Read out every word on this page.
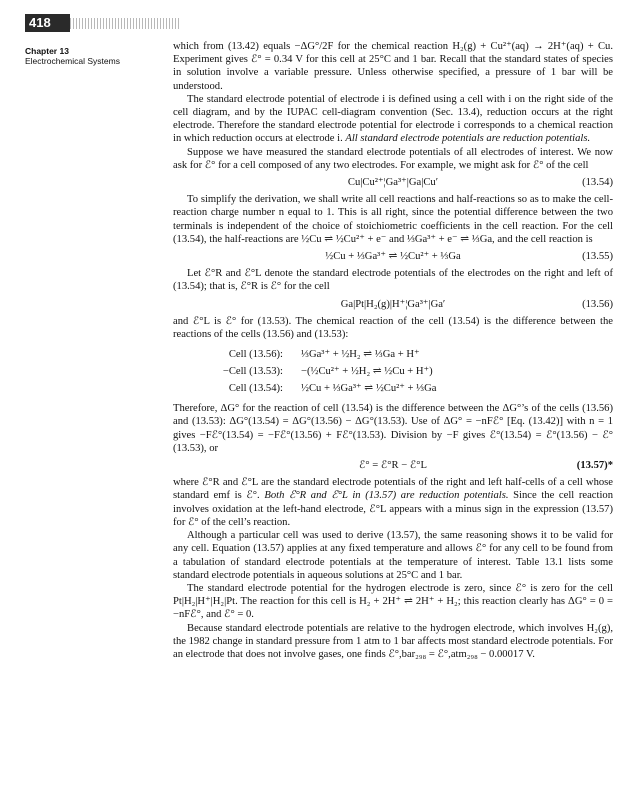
418
Chapter 13
Electrochemical Systems

which from (13.42) equals −ΔG°/2F for the chemical reaction H₂(g) + Cu²⁺(aq) → 2H⁺(aq) + Cu. Experiment gives ℰ° = 0.34 V for this cell at 25°C and 1 bar. Recall that the standard states of species in solution involve a variable pressure. Unless otherwise specified, a pressure of 1 bar will be understood.

The standard electrode potential of electrode i is defined using a cell with i on the right side of the cell diagram, and by the IUPAC cell-diagram convention (Sec. 13.4), reduction occurs at the right electrode. Therefore the standard electrode potential for electrode i corresponds to a chemical reaction in which reduction occurs at electrode i. All standard electrode potentials are reduction potentials.

Suppose we have measured the standard electrode potentials of all electrodes of interest. We now ask for ℰ° for a cell composed of any two electrodes. For example, we might ask for ℰ° of the cell

Cu|Cu²⁺¦Ga³⁺|Ga|Cu′	(13.54)

To simplify the derivation, we shall write all cell reactions and half-reactions so as to make the cell-reaction charge number n equal to 1. This is all right, since the potential difference between the two terminals is independent of the choice of stoichiometric coefficients in the cell reaction. For the cell (13.54), the half-reactions are ½Cu ⇌ ½Cu²⁺ + e⁻ and ⅓Ga³⁺ + e⁻ ⇌ ⅓Ga, and the cell reaction is

½Cu + ⅓Ga³⁺ ⇌ ½Cu²⁺ + ⅓Ga	(13.55)

Let ℰ°R and ℰ°L denote the standard electrode potentials of the electrodes on the right and left of (13.54); that is, ℰ°R is ℰ° for the cell

Ga|Pt|H₂(g)|H⁺¦Ga³⁺|Ga′	(13.56)

and ℰ°L is ℰ° for (13.53). The chemical reaction of the cell (13.54) is the difference between the reactions of the cells (13.56) and (13.53):

Cell (13.56):	⅓Ga³⁺ + ½H₂ ⇌ ⅓Ga + H⁺
−Cell (13.53):	−(½Cu²⁺ + ½H₂ ⇌ ½Cu + H⁺)
Cell (13.54):	½Cu + ⅓Ga³⁺ ⇌ ½Cu²⁺ + ⅓Ga

Therefore, ΔG° for the reaction of cell (13.54) is the difference between the ΔG°’s of the cells (13.56) and (13.53): ΔG°(13.54) = ΔG°(13.56) − ΔG°(13.53). Use of ΔG° = −nFℰ° [Eq. (13.42)] with n = 1 gives −Fℰ°(13.54) = −Fℰ°(13.56) + Fℰ°(13.53). Division by −F gives ℰ°(13.54) = ℰ°(13.56) − ℰ°(13.53), or

ℰ° = ℰ°R − ℰ°L	(13.57)*

where ℰ°R and ℰ°L are the standard electrode potentials of the right and left half-cells of a cell whose standard emf is ℰ°. Both ℰ°R and ℰ°L in (13.57) are reduction potentials. Since the cell reaction involves oxidation at the left-hand electrode, ℰ°L appears with a minus sign in the expression (13.57) for ℰ° of the cell’s reaction.

Although a particular cell was used to derive (13.57), the same reasoning shows it to be valid for any cell. Equation (13.57) applies at any fixed temperature and allows ℰ° for any cell to be found from a tabulation of standard electrode potentials at the temperature of interest. Table 13.1 lists some standard electrode potentials in aqueous solutions at 25°C and 1 bar.

The standard electrode potential for the hydrogen electrode is zero, since ℰ° is zero for the cell Pt|H₂|H⁺|H₂|Pt. The reaction for this cell is H₂ + 2H⁺ ⇌ 2H⁺ + H₂; this reaction clearly has ΔG° = 0 = −nFℰ°, and ℰ° = 0.

Because standard electrode potentials are relative to the hydrogen electrode, which involves H₂(g), the 1982 change in standard pressure from 1 atm to 1 bar affects most standard electrode potentials. For an electrode that does not involve gases, one finds ℰ°,bar₂₉₈ = ℰ°,atm₂₉₈ − 0.00017 V.
